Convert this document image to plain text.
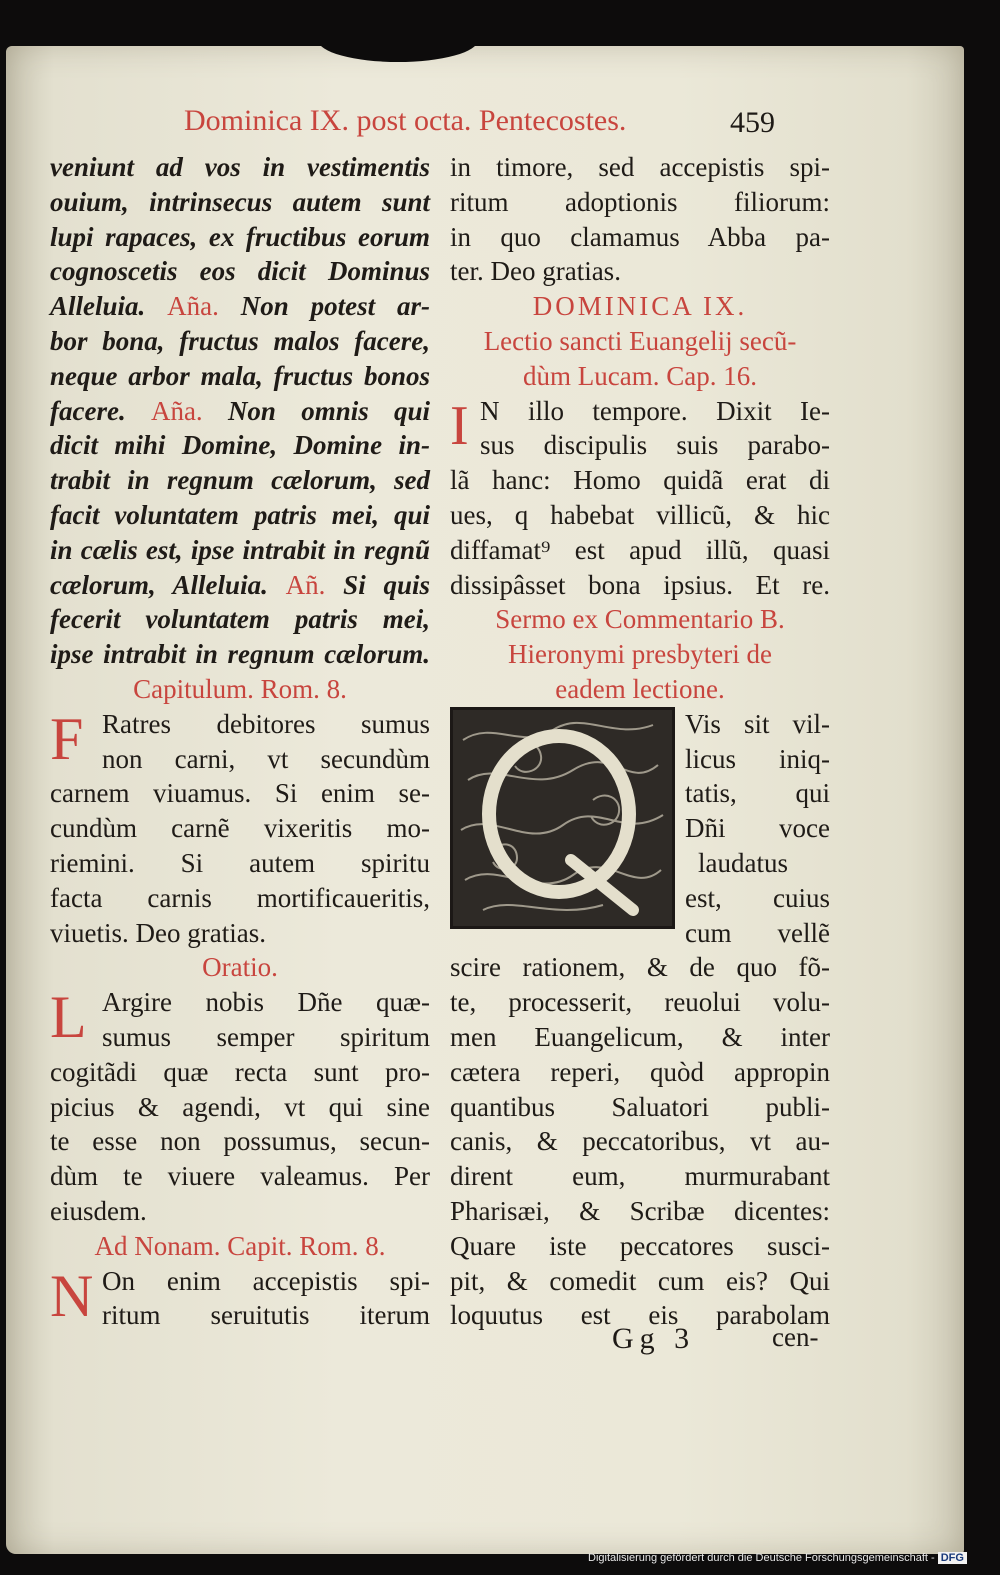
Dominica IX. post octa. Pentecostes.	459
veniunt ad vos in vestimentis
ouium, intrinsecus autem sunt
lupi rapaces, ex fructibus eorum
cognoscetis eos dicit Dominus
Alleluia. Aña. Non potest ar-
bor bona, fructus malos facere,
neque arbor mala, fructus bonos
facere. Aña. Non omnis qui
dicit mihi Domine, Domine in-
trabit in regnum cælorum, sed
facit voluntatem patris mei, qui
in cælis est, ipse intrabit in regnũ
cælorum, Alleluia. Añ. Si quis
fecerit voluntatem patris mei,
ipse intrabit in regnum cælorum.
Capitulum. Rom. 8.
F Ratres debitores sumus
non carni, vt secundùm
carnem viuamus. Si enim se-
cundùm carnẽ vixeritis mo-
riemini. Si autem spiritu
facta carnis mortificaueritis,
viuetis. Deo gratias.
Oratio.
L Argire nobis Dñe quæ-
sumus semper spiritum
cogitãdi quæ recta sunt pro-
picius & agendi, vt qui sine
te esse non possumus, secun-
dùm te viuere valeamus. Per
eiusdem.
Ad Nonam. Capit. Rom. 8.
N On enim accepistis spi-
ritum seruitutis iterum
in timore, sed accepistis spi-
ritum adoptionis filiorum:
in quo clamamus Abba pa-
ter. Deo gratias.
DOMINICA IX.
Lectio sancti Euangelij secũ-
dùm Lucam. Cap. 16.
I N illo tempore. Dixit Ie-
sus discipulis suis parabo-
lã hanc: Homo quidã erat di
ues, q habebat villicũ, & hic
diffamat⁹ est apud illũ, quasi
dissipâsset bona ipsius. Et re.
Sermo ex Commentario B.
Hieronymi presbyteri de
eadem lectione.
Vis sit vil-
licus iniq-
tatis, qui
Dñi voce
laudatus
est, cuius
cum vellẽ
scire rationem, & de quo fõ-
te, processerit, reuolui volu-
men Euangelicum, & inter
cætera reperi, quòd appropin
quantibus Saluatori publi-
canis, & peccatoribus, vt au-
dirent eum, murmurabant
Pharisæi, & Scribæ dicentes:
Quare iste peccatores susci-
pit, & comedit cum eis? Qui
loquutus est eis parabolam
Gg 3	cen-
Digitalisierung gefördert durch die Deutsche Forschungsgemeinschaft - DFG
